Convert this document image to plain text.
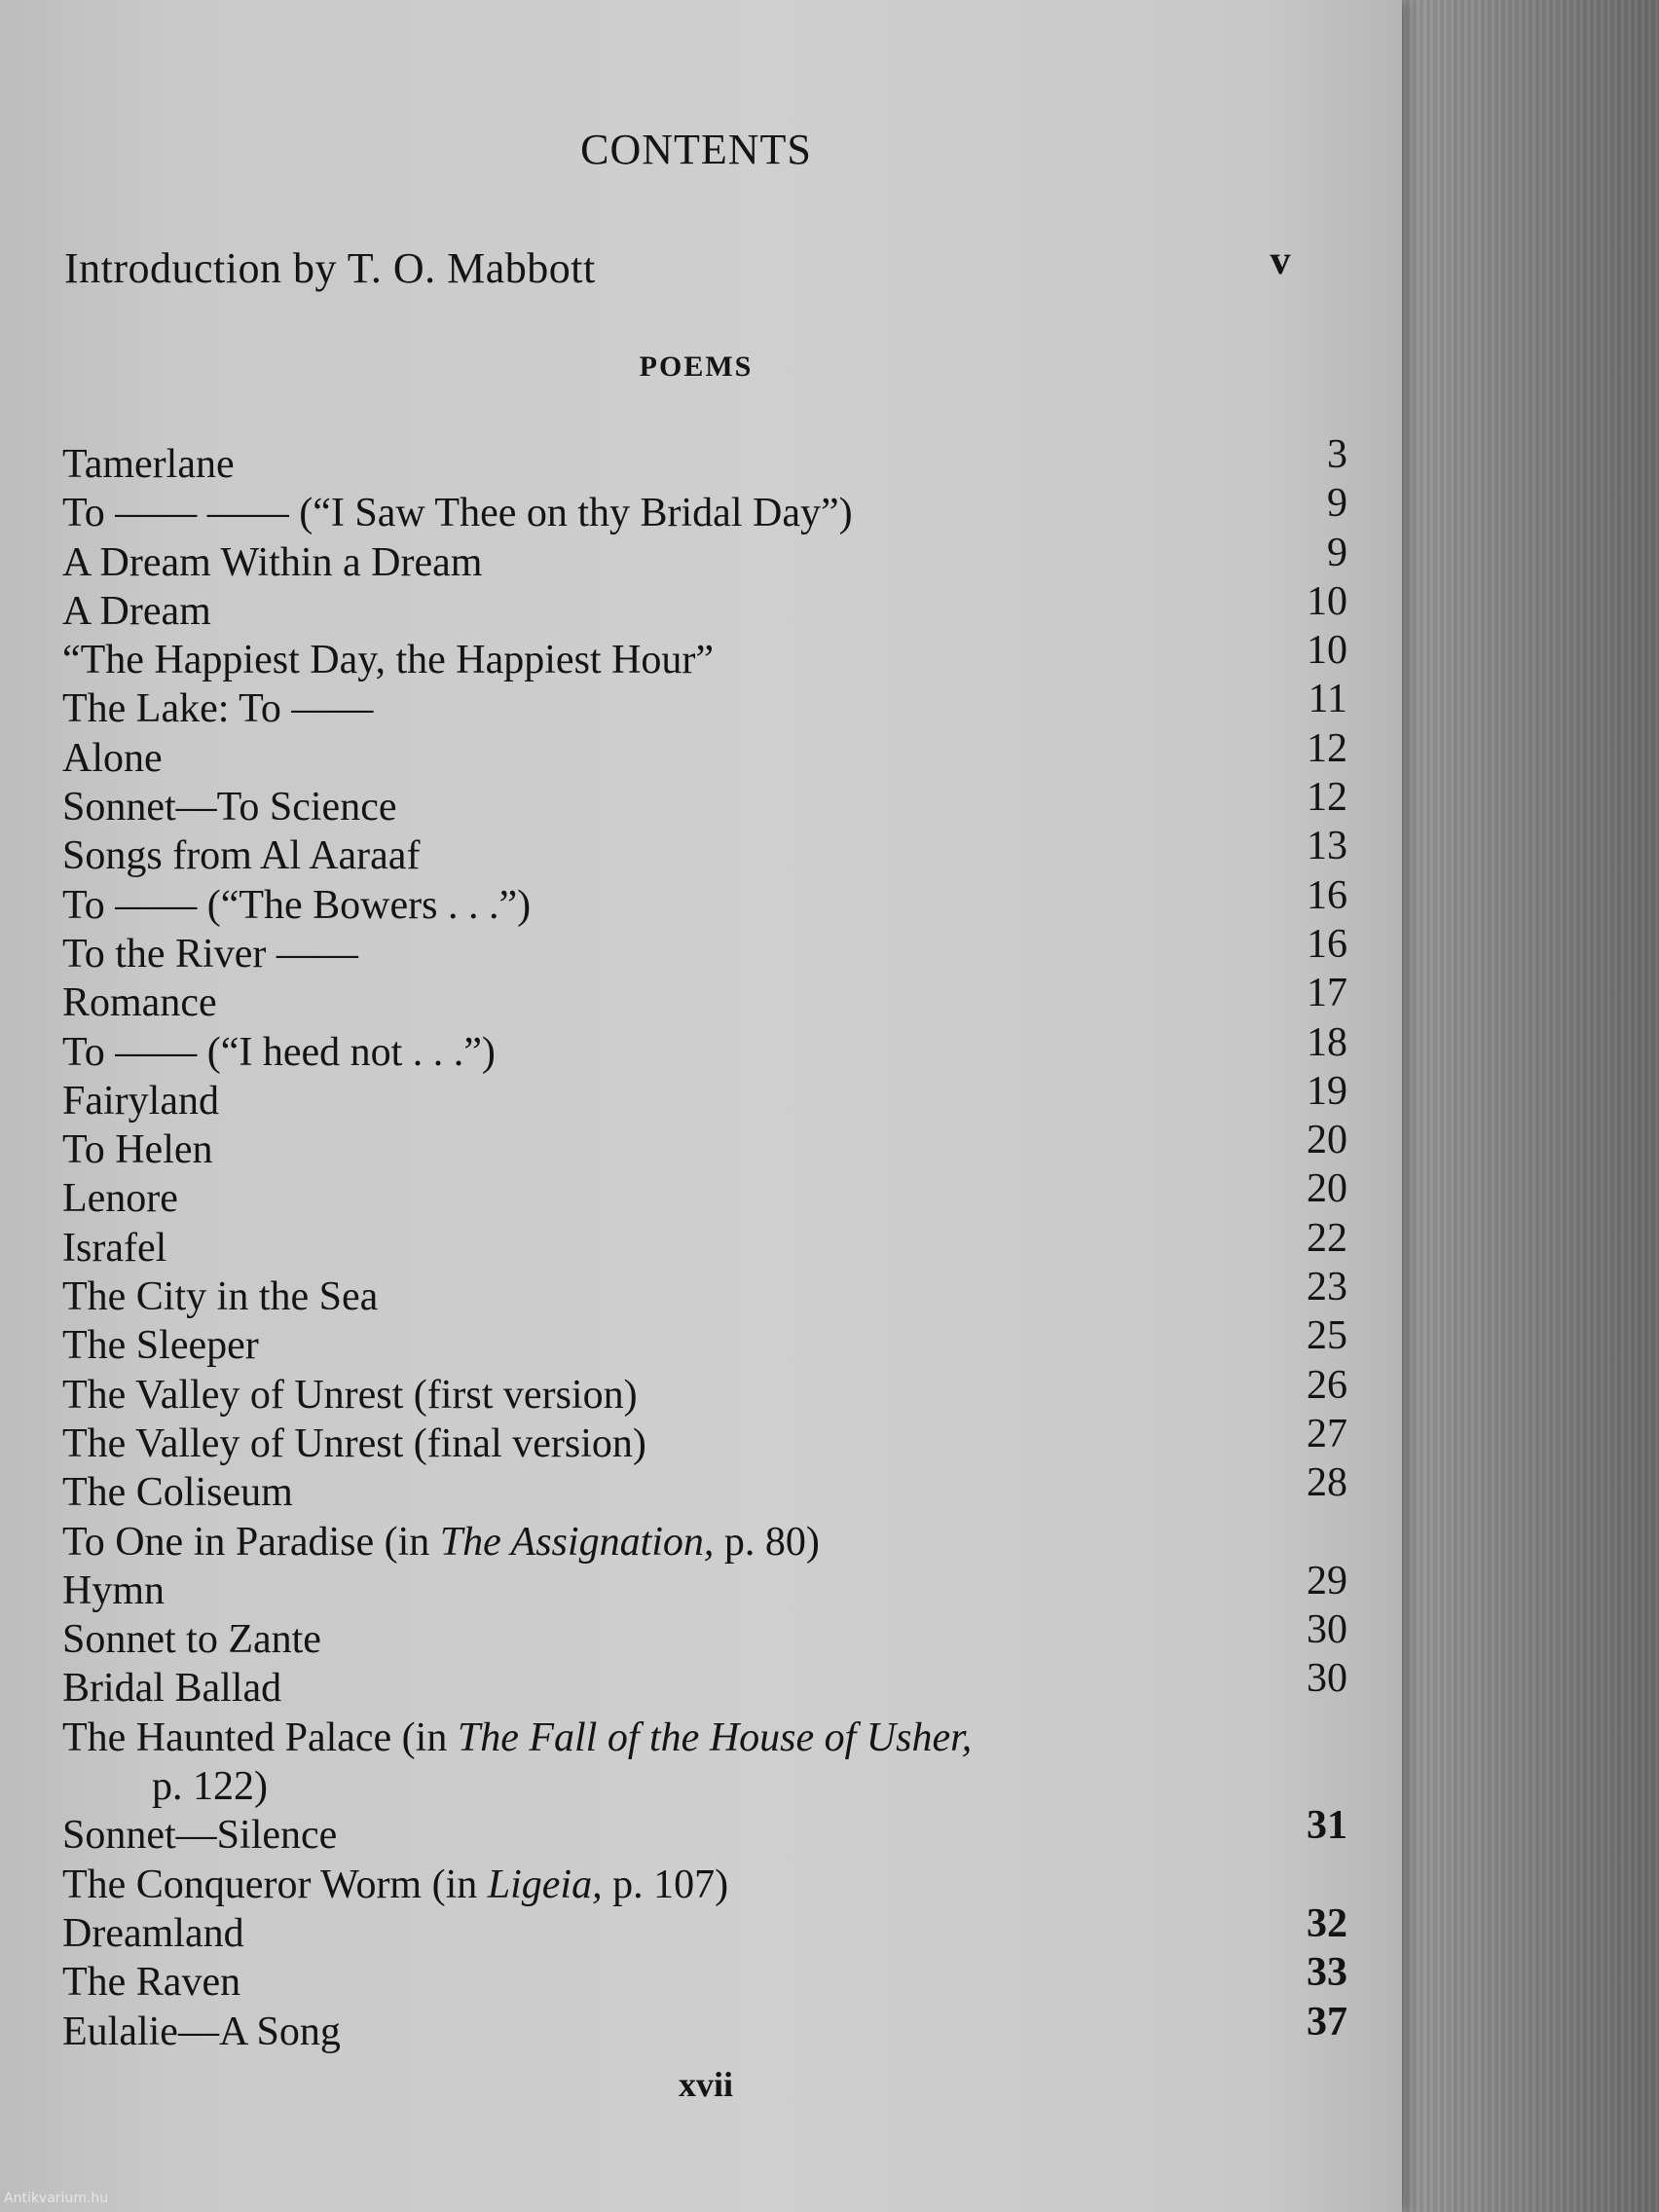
CONTENTS
Introduction by T. O. Mabbott	v
POEMS
Tamerlane	3
To —— —— (“I Saw Thee on thy Bridal Day”)	9
A Dream Within a Dream	9
A Dream	10
“The Happiest Day, the Happiest Hour”	10
The Lake: To ——	11
Alone	12
Sonnet—To Science	12
Songs from Al Aaraaf	13
To —— (“The Bowers . . .”)	16
To the River ——	16
Romance	17
To —— (“I heed not . . .”)	18
Fairyland	19
To Helen	20
Lenore	20
Israfel	22
The City in the Sea	23
The Sleeper	25
The Valley of Unrest (first version)	26
The Valley of Unrest (final version)	27
The Coliseum	28
To One in Paradise (in The Assignation, p. 80)
Hymn	29
Sonnet to Zante	30
Bridal Ballad	30
The Haunted Palace (in The Fall of the House of Usher,
p. 122)
Sonnet—Silence	31
The Conqueror Worm (in Ligeia, p. 107)
Dreamland	32
The Raven	33
Eulalie—A Song	37
xvii
Antikvarium.hu
